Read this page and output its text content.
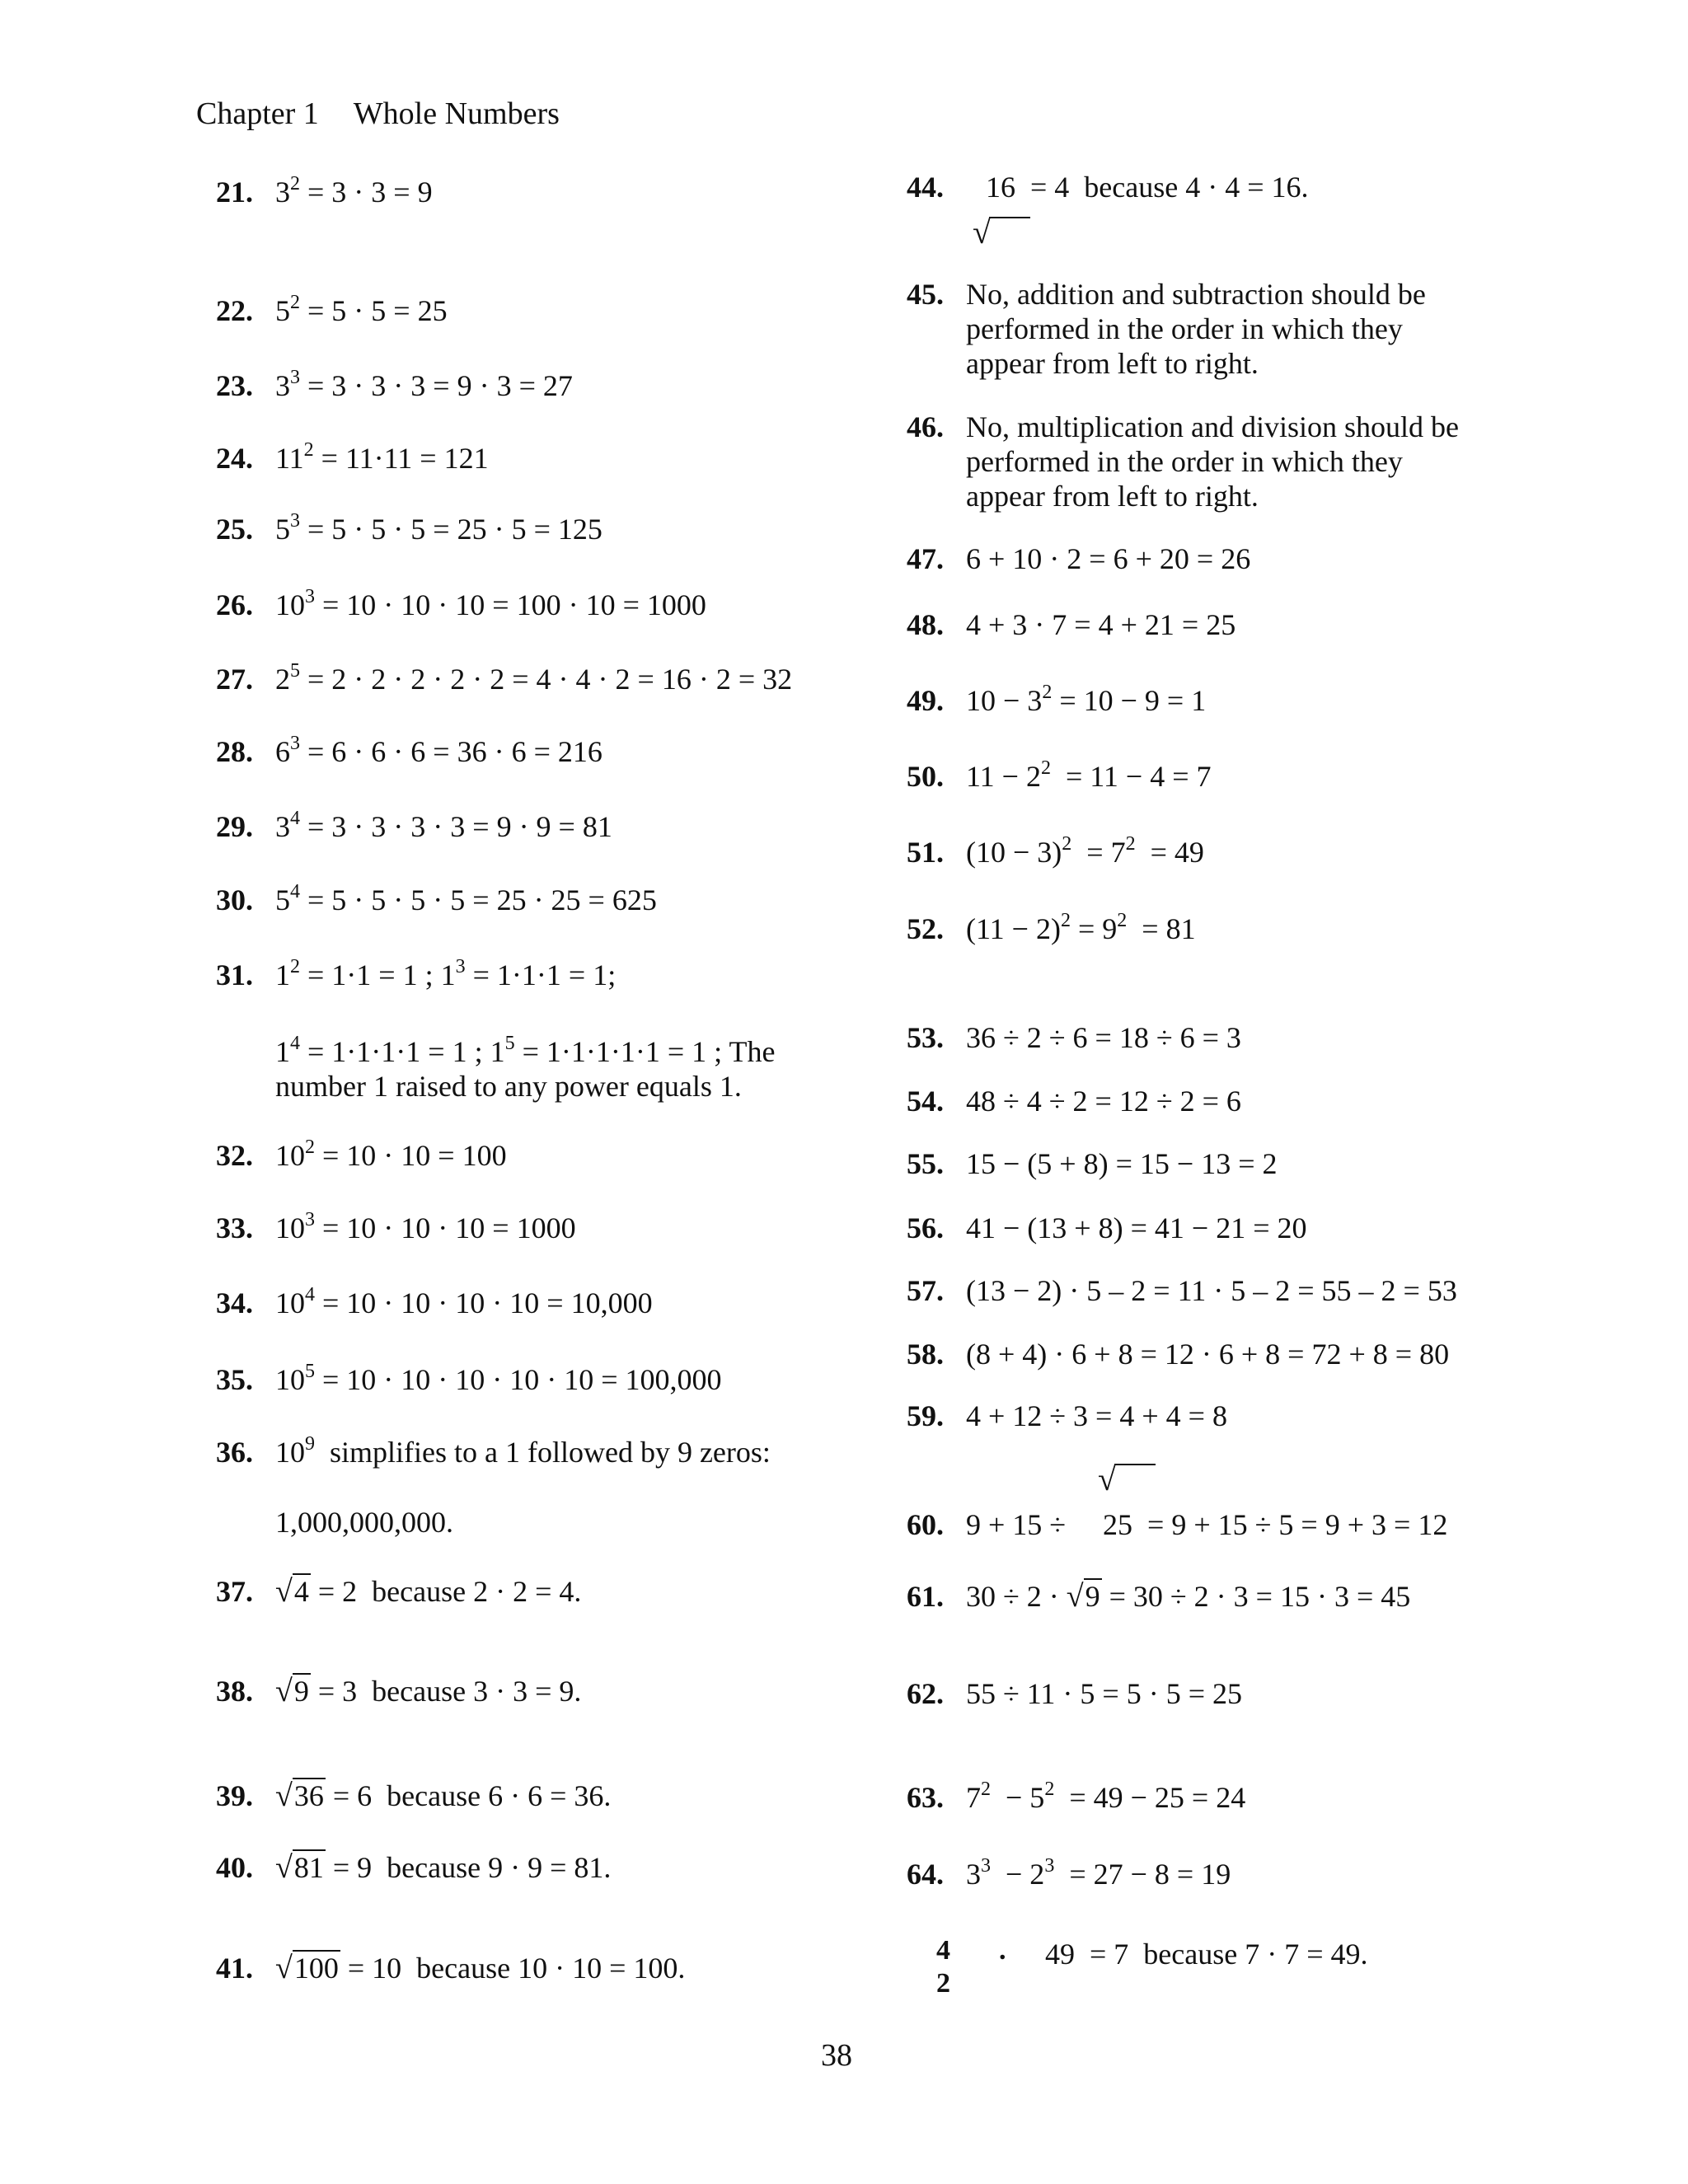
Chapter 1 Whole Numbers
21. $3^2 = 3 \cdot 3 = 9$
22. $5^2 = 5 \cdot 5 = 25$
23. $3^3 = 3 \cdot 3 \cdot 3 = 9 \cdot 3 = 27$
24. $11^2 = 11\cdot 11 = 121$
25. $5^3 = 5 \cdot 5 \cdot 5 = 25 \cdot 5 = 125$
26. $10^3 = 10 \cdot 10 \cdot 10 = 100 \cdot 10 = 1000$
27. $2^5 = 2 \cdot 2 \cdot 2 \cdot 2 \cdot 2 = 4 \cdot 4 \cdot 2 = 16 \cdot 2 = 32$
28. $6^3 = 6 \cdot 6 \cdot 6 = 36 \cdot 6 = 216$
29. $3^4 = 3 \cdot 3 \cdot 3 \cdot 3 = 9 \cdot 9 = 81$
30. $5^4 = 5 \cdot 5 \cdot 5 \cdot 5 = 25 \cdot 25 = 625$
31. $1^2 = 1\cdot 1 = 1$ ; $1^3 = 1\cdot 1\cdot 1 = 1$;
$1^4 = 1\cdot 1\cdot 1\cdot 1 = 1$ ; $1^5 = 1\cdot 1\cdot 1\cdot 1\cdot 1 = 1$ ; The
number 1 raised to any power equals 1.
32. $10^2 = 10 \cdot 10 = 100$
33. $10^3 = 10 \cdot 10 \cdot 10 = 1000$
34. $10^4 = 10 \cdot 10 \cdot 10 \cdot 10 = 10,000$
35. $10^5 = 10 \cdot 10 \cdot 10 \cdot 10 \cdot 10 = 100,000$
36. $10^9$  simplifies to a 1 followed by 9 zeros:
1,000,000,000.
37. √4 = 2  because 2 · 2 = 4.
38. √9 = 3  because 3 · 3 = 9.
39. √36 = 6  because 6 · 6 = 36.
40. √81 = 9  because 9 · 9 = 81.
41. √100 = 10  because 10 · 10 = 100.
44. 16  = 4  because 4 · 4 = 16.
√
45. No, addition and subtraction should be
performed in the order in which they
appear from left to right.
46. No, multiplication and division should be
performed in the order in which they
appear from left to right.
47. 6 + 10 · 2 = 6 + 20 = 26
48. 4 + 3 · 7 = 4 + 21 = 25
49. $10 - 3^2 = 10 - 9 = 1$
50. $11 - 2^2 = 11 - 4 = 7$
51. $(10 - 3)^2 = 7^2 = 49$
52. $(11 - 2)^2 = 9^2 = 81$
53. 36 ÷ 2 ÷ 6 = 18 ÷ 6 = 3
54. 48 ÷ 4 ÷ 2 = 12 ÷ 2 = 6
55. 15 − (5 + 8) = 15 − 13 = 2
56. 41 − (13 + 8) = 41 − 21 = 20
57. (13 − 2) · 5 – 2 = 11 · 5 – 2 = 55 – 2 = 53
58. (8 + 4) · 6 + 8 = 12 · 6 + 8 = 72 + 8 = 80
59. 4 + 12 ÷ 3 = 4 + 4 = 8
√
60. 9 + 15 ÷     25  = 9 + 15 ÷ 5 = 9 + 3 = 12
61. 30 ÷ 2 · √9 = 30 ÷ 2 · 3 = 15 · 3 = 45
62. 55 ÷ 11 · 5 = 5 · 5 = 25
63. $7^2 - 5^2 = 49 - 25 = 24$
64. $3^3 - 2^3 = 27 - 8 = 19$
4
2
. 49  = 7  because 7 · 7 = 49.
38
